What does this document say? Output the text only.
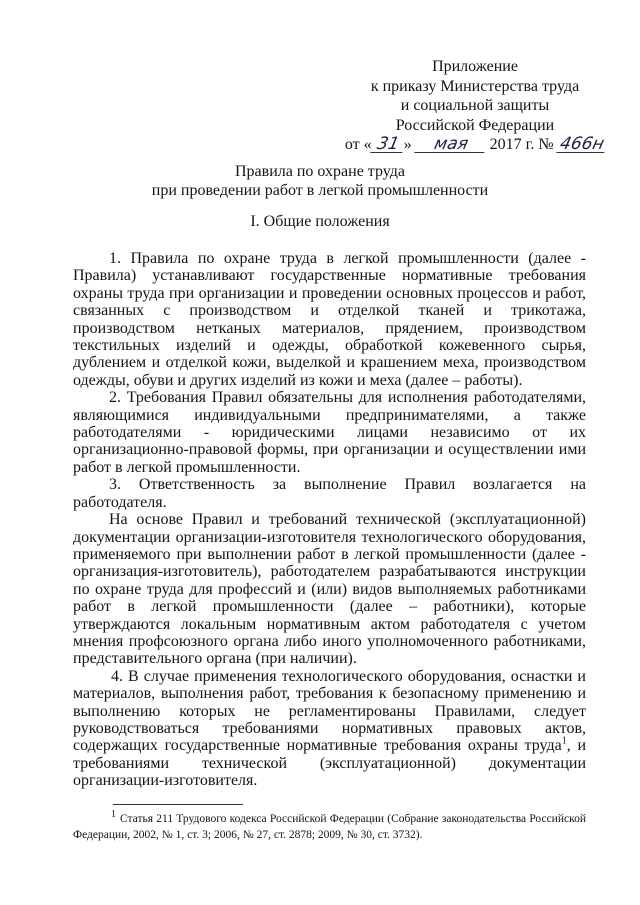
Приложение
к приказу Министерства труда
и социальной защиты
Российской Федерации
от « 31 » мая 2017 г. № 466н
Правила по охране труда
при проведении работ в легкой промышленности
I. Общие положения

1. Правила по охране труда в легкой промышленности (далее - Правила) устанавливают государственные нормативные требования охраны труда при организации и проведении основных процессов и работ, связанных с производством и отделкой тканей и трикотажа, производством нетканых материалов, прядением, производством текстильных изделий и одежды, обработкой кожевенного сырья, дублением и отделкой кожи, выделкой и крашением меха, производством одежды, обуви и других изделий из кожи и меха (далее – работы).

2. Требования Правил обязательны для исполнения работодателями, являющимися индивидуальными предпринимателями, а также работодателями - юридическими лицами независимо от их организационно-правовой формы, при организации и осуществлении ими работ в легкой промышленности.

3. Ответственность за выполнение Правил возлагается на работодателя.

На основе Правил и требований технической (эксплуатационной) документации организации-изготовителя технологического оборудования, применяемого при выполнении работ в легкой промышленности (далее - организация-изготовитель), работодателем разрабатываются инструкции по охране труда для профессий и (или) видов выполняемых работниками работ в легкой промышленности (далее – работники), которые утверждаются локальным нормативным актом работодателя с учетом мнения профсоюзного органа либо иного уполномоченного работниками, представительного органа (при наличии).

4. В случае применения технологического оборудования, оснастки и материалов, выполнения работ, требования к безопасному применению и выполнению которых не регламентированы Правилами, следует руководствоваться требованиями нормативных правовых актов, содержащих государственные нормативные требования охраны труда$^1$, и требованиями технической (эксплуатационной) документации организации-изготовителя.

$^1$ Статья 211 Трудового кодекса Российской Федерации (Собрание законодательства Российской Федерации, 2002, № 1, ст. 3; 2006, № 27, ст. 2878; 2009, № 30, ст. 3732).
